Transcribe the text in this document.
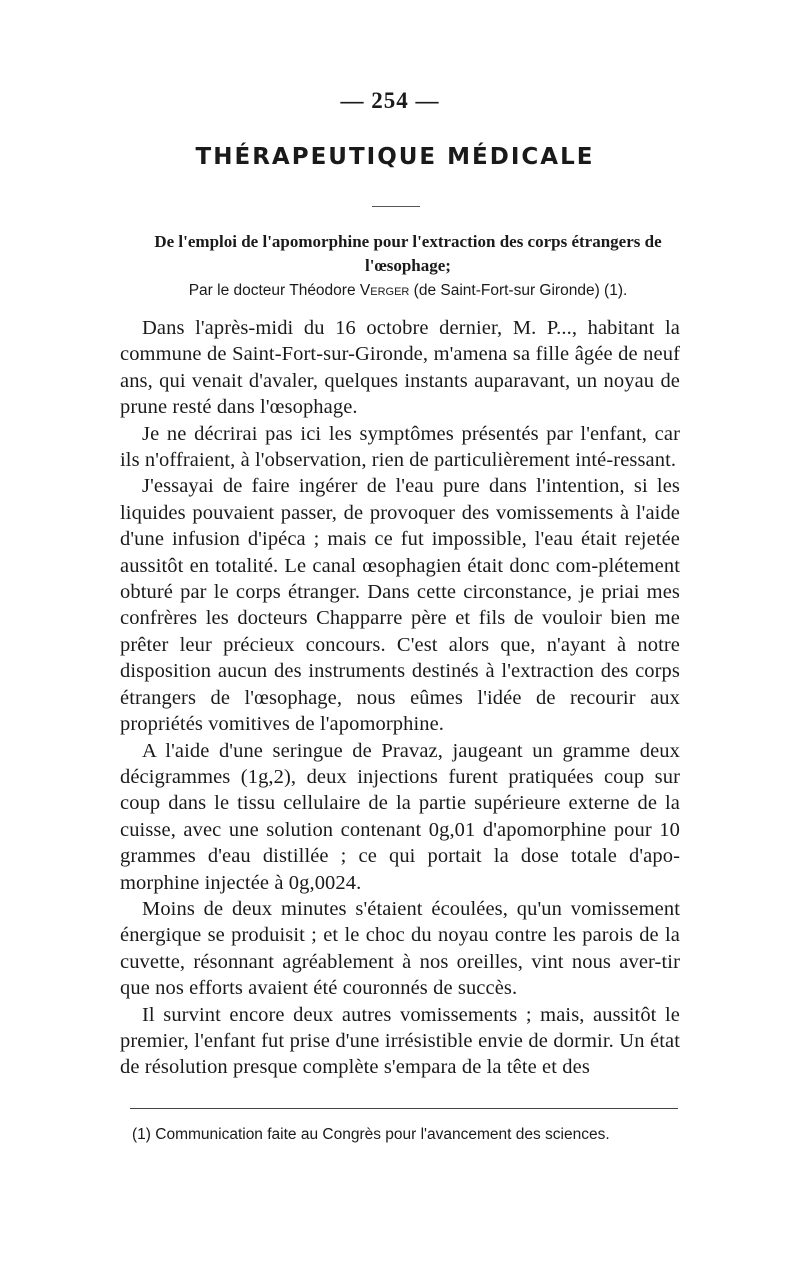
— 254 —
THÉRAPEUTIQUE MÉDICALE
De l'emploi de l'apomorphine pour l'extraction des corps étrangers de l'œsophage;
Par le docteur Théodore Verger (de Saint-Fort-sur Gironde) (1).

Dans l'après-midi du 16 octobre dernier, M. P..., habitant la commune de Saint-Fort-sur-Gironde, m'amena sa fille âgée de neuf ans, qui venait d'avaler, quelques instants auparavant, un noyau de prune resté dans l'œsophage.

Je ne décrirai pas ici les symptômes présentés par l'enfant, car ils n'offraient, à l'observation, rien de particulièrement inté-ressant.

J'essayai de faire ingérer de l'eau pure dans l'intention, si les liquides pouvaient passer, de provoquer des vomissements à l'aide d'une infusion d'ipéca ; mais ce fut impossible, l'eau était rejetée aussitôt en totalité. Le canal œsophagien était donc com-plétement obturé par le corps étranger. Dans cette circonstance, je priai mes confrères les docteurs Chapparre père et fils de vouloir bien me prêter leur précieux concours. C'est alors que, n'ayant à notre disposition aucun des instruments destinés à l'extraction des corps étrangers de l'œsophage, nous eûmes l'idée de recourir aux propriétés vomitives de l'apomorphine.

A l'aide d'une seringue de Pravaz, jaugeant un gramme deux décigrammes (1g,2), deux injections furent pratiquées coup sur coup dans le tissu cellulaire de la partie supérieure externe de la cuisse, avec une solution contenant 0g,01 d'apomorphine pour 10 grammes d'eau distillée ; ce qui portait la dose totale d'apo-morphine injectée à 0g,0024.

Moins de deux minutes s'étaient écoulées, qu'un vomissement énergique se produisit ; et le choc du noyau contre les parois de la cuvette, résonnant agréablement à nos oreilles, vint nous aver-tir que nos efforts avaient été couronnés de succès.

Il survint encore deux autres vomissements ; mais, aussitôt le premier, l'enfant fut prise d'une irrésistible envie de dormir. Un état de résolution presque complète s'empara de la tête et des

(1) Communication faite au Congrès pour l'avancement des sciences.
